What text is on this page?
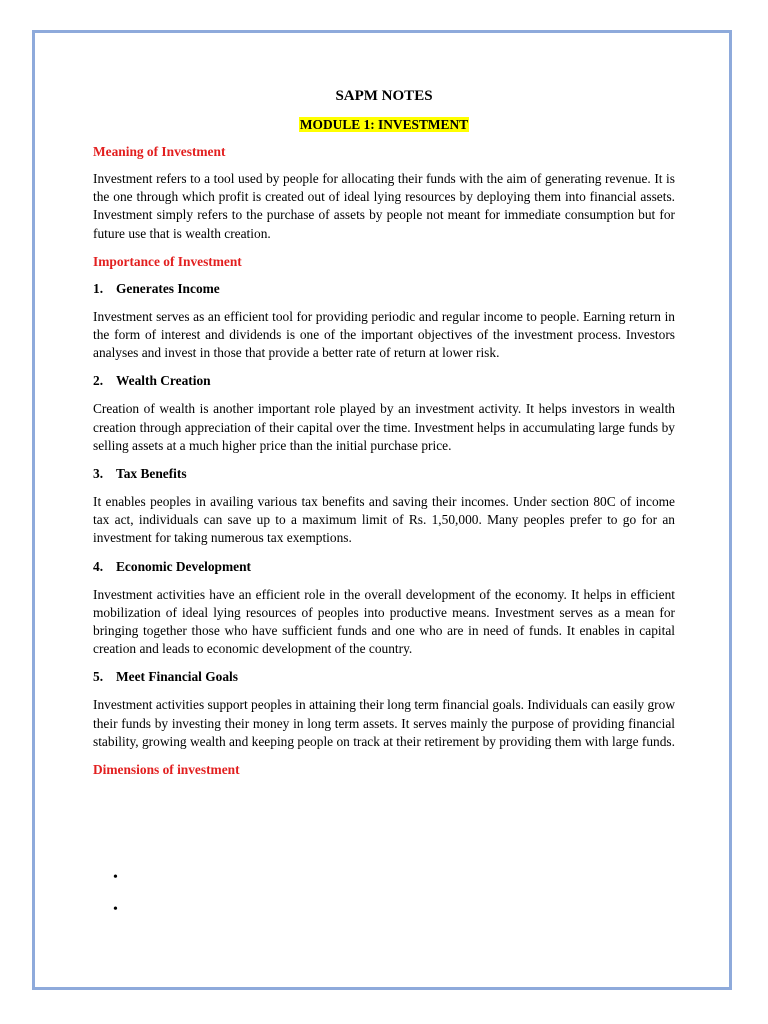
SAPM NOTES
MODULE 1: INVESTMENT
Meaning of Investment
Investment refers to a tool used by people for allocating their funds with the aim of generating revenue. It is the one through which profit is created out of ideal lying resources by deploying them into financial assets. Investment simply refers to the purchase of assets by people not meant for immediate consumption but for future use that is wealth creation.
Importance of Investment
1. Generates Income
Investment serves as an efficient tool for providing periodic and regular income to people. Earning return in the form of interest and dividends is one of the important objectives of the investment process. Investors analyses and invest in those that provide a better rate of return at lower risk.
2. Wealth Creation
Creation of wealth is another important role played by an investment activity. It helps investors in wealth creation through appreciation of their capital over the time. Investment helps in accumulating large funds by selling assets at a much higher price than the initial purchase price.
3. Tax Benefits
It enables peoples in availing various tax benefits and saving their incomes. Under section 80C of income tax act, individuals can save up to a maximum limit of Rs. 1,50,000. Many peoples prefer to go for an investment for taking numerous tax exemptions.
4. Economic Development
Investment activities have an efficient role in the overall development of the economy. It helps in efficient mobilization of ideal lying resources of peoples into productive means. Investment serves as a mean for bringing together those who have sufficient funds and one who are in need of funds. It enables in capital creation and leads to economic development of the country.
5. Meet Financial Goals
Investment activities support peoples in attaining their long term financial goals. Individuals can easily grow their funds by investing their money in long term assets. It serves mainly the purpose of providing financial stability, growing wealth and keeping people on track at their retirement by providing them with large funds.
Dimensions of investment
•
•
